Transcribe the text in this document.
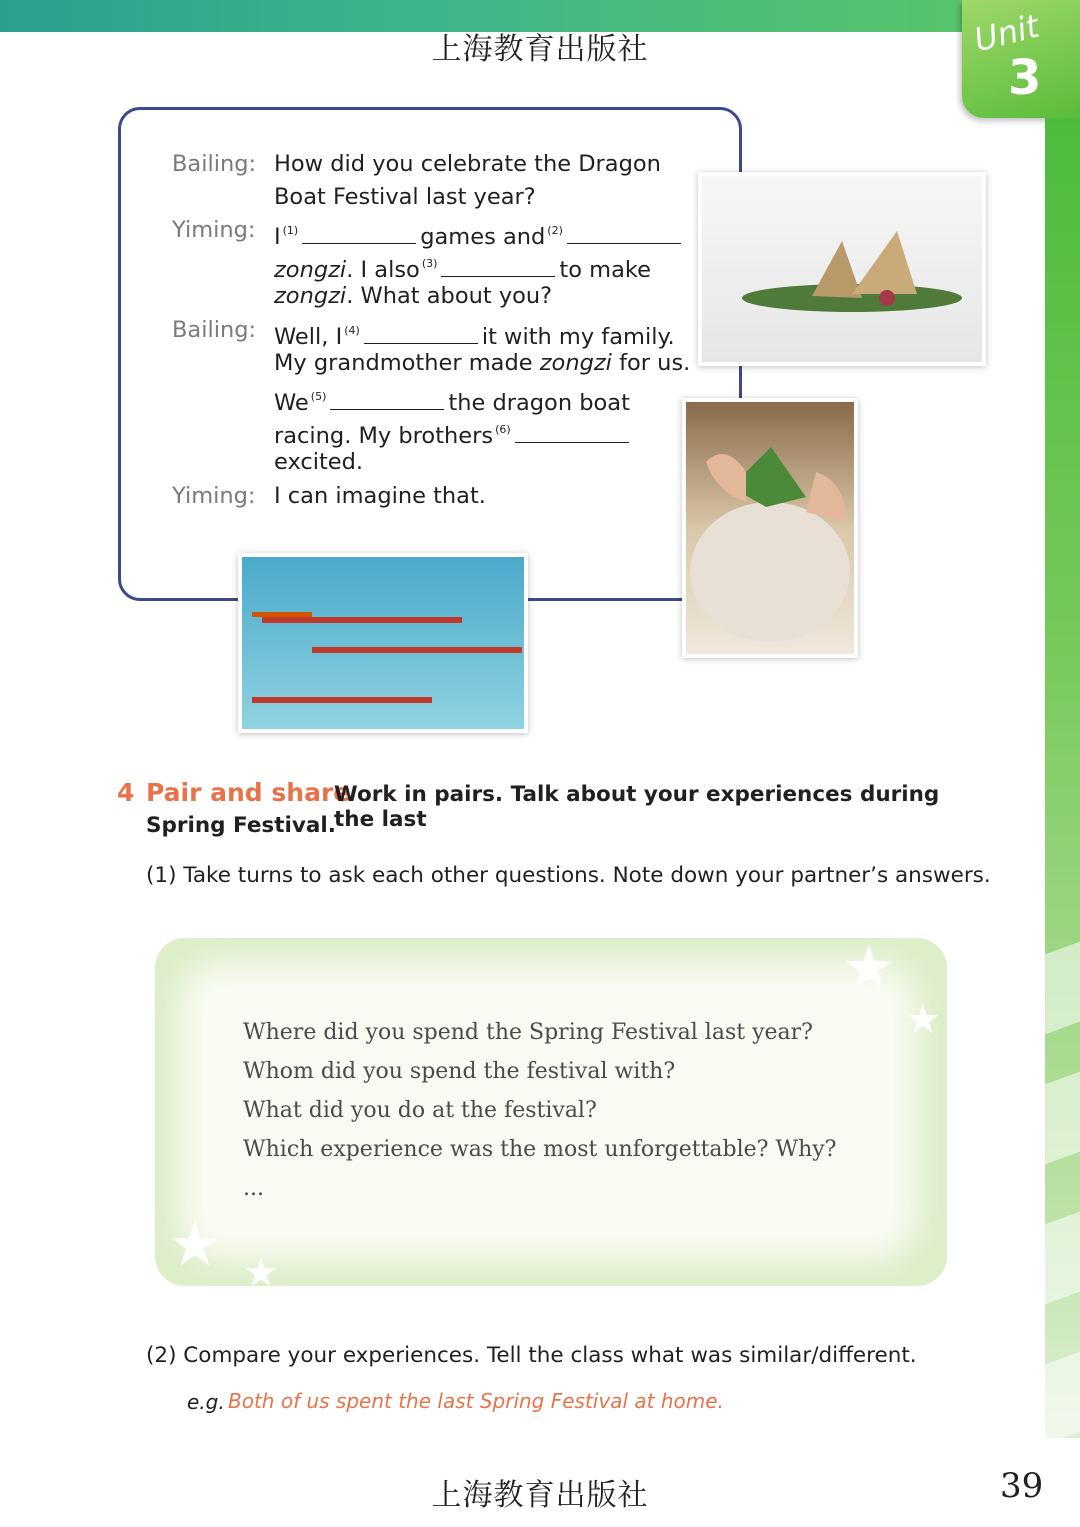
上海教育出版社	Unit
3
Bailing: How did you celebrate the Dragon
Boat Festival last year?
Yiming: I $^{(1)}$	games and $^{(2)}$
zongzi. I also $^{(3)}$	to make
zongzi. What about you?
Bailing: Well, I $^{(4)}$	it with my family.
My grandmother made zongzi for us.
We $^{(5)}$	the dragon boat
racing. My brothers $^{(6)}$
excited.
Yiming: I can imagine that.
4 Pair and share
Work in pairs. Talk about your experiences during the last
Spring Festival.
(1) Take turns to ask each other questions. Note down your partner’s answers.
★
★
★ ★
Where did you spend the Spring Festival last year?
Whom did you spend the festival with?
What did you do at the festival?
Which experience was the most unforgettable? Why?
...
(2) Compare your experiences. Tell the class what was similar/different.
e.g. Both of us spent the last Spring Festival at home.
上海教育出版社	39
